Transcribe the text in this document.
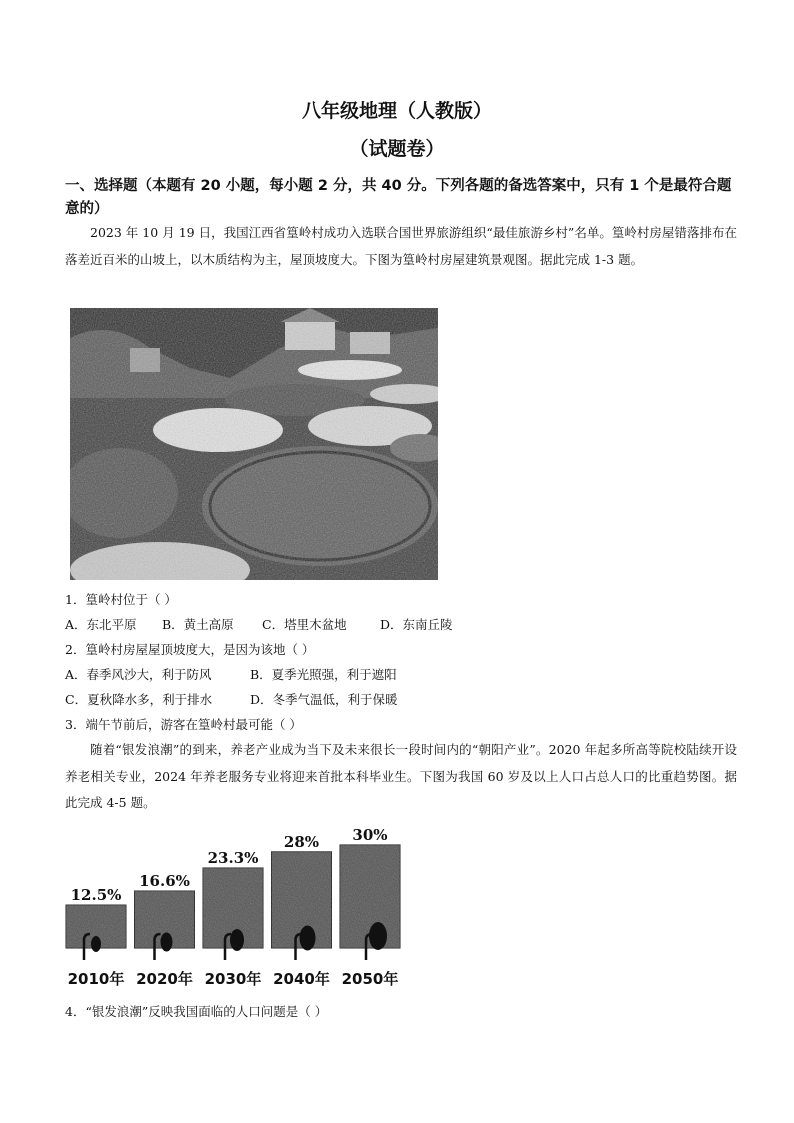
八年级地理（人教版）
（试题卷）
一、选择题（本题有 20 小题，每小题 2 分，共 40 分。下列各题的备选答案中，只有 1 个是最符合题意的）
2023 年 10 月 19 日，我国江西省篁岭村成功入选联合国世界旅游组织“最佳旅游乡村”名单。篁岭村房屋错落排布在落差近百米的山坡上，以木质结构为主，屋顶坡度大。下图为篁岭村房屋建筑景观图。据此完成 1-3 题。
1．篁岭村位于（ ）
A．东北平原 B．黄土高原 C．塔里木盆地	D．东南丘陵
2．篁岭村房屋屋顶坡度大，是因为该地（ ）
A．春季风沙大，利于防风	B．夏季光照强，利于遮阳
C．夏秋降水多，利于排水	D．冬季气温低，利于保暖
3．端午节前后，游客在篁岭村最可能（ ）
随着“银发浪潮”的到来，养老产业成为当下及未来很长一段时间内的“朝阳产业”。2020 年起多所高等院校陆续开设养老相关专业，2024 年养老服务专业将迎来首批本科毕业生。下图为我国 60 岁及以上人口占总人口的比重趋势图。据此完成 4-5 题。
12.5%
16.6%
23.3%
28% 30%
2010年 2020年 2030年 2040年 2050年
4．“银发浪潮”反映我国面临的人口问题是（ ）
